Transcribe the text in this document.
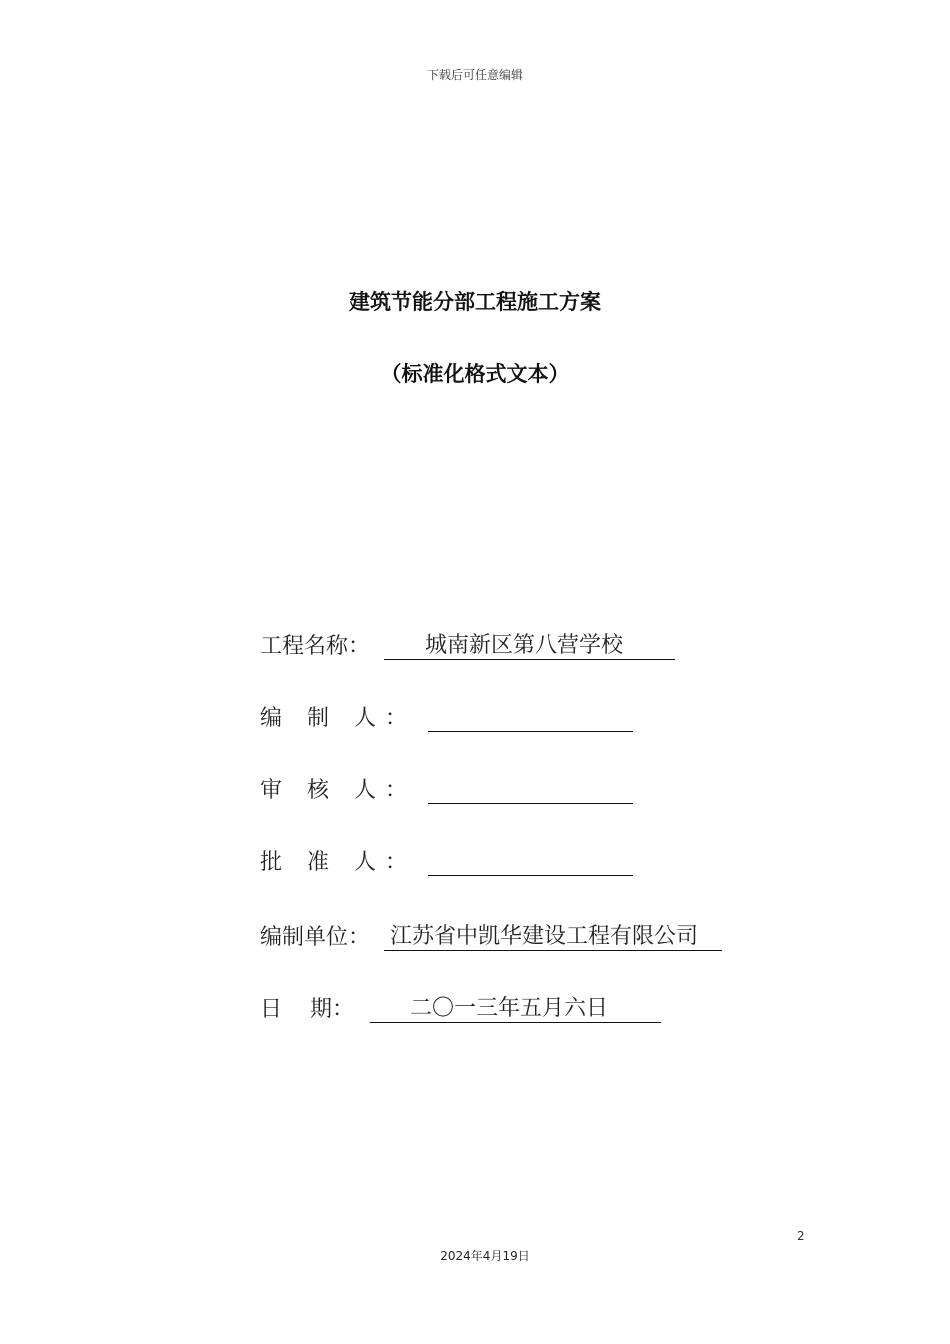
下载后可任意编辑
建筑节能分部工程施工方案
（标准化格式文本）
工程名称：	城南新区第八营学校
编 制 人：
审 核 人：
批 准 人：
编制单位： 江苏省中凯华建设工程有限公司
日 期：	二〇一三年五月六日
2
2024年4月19日
